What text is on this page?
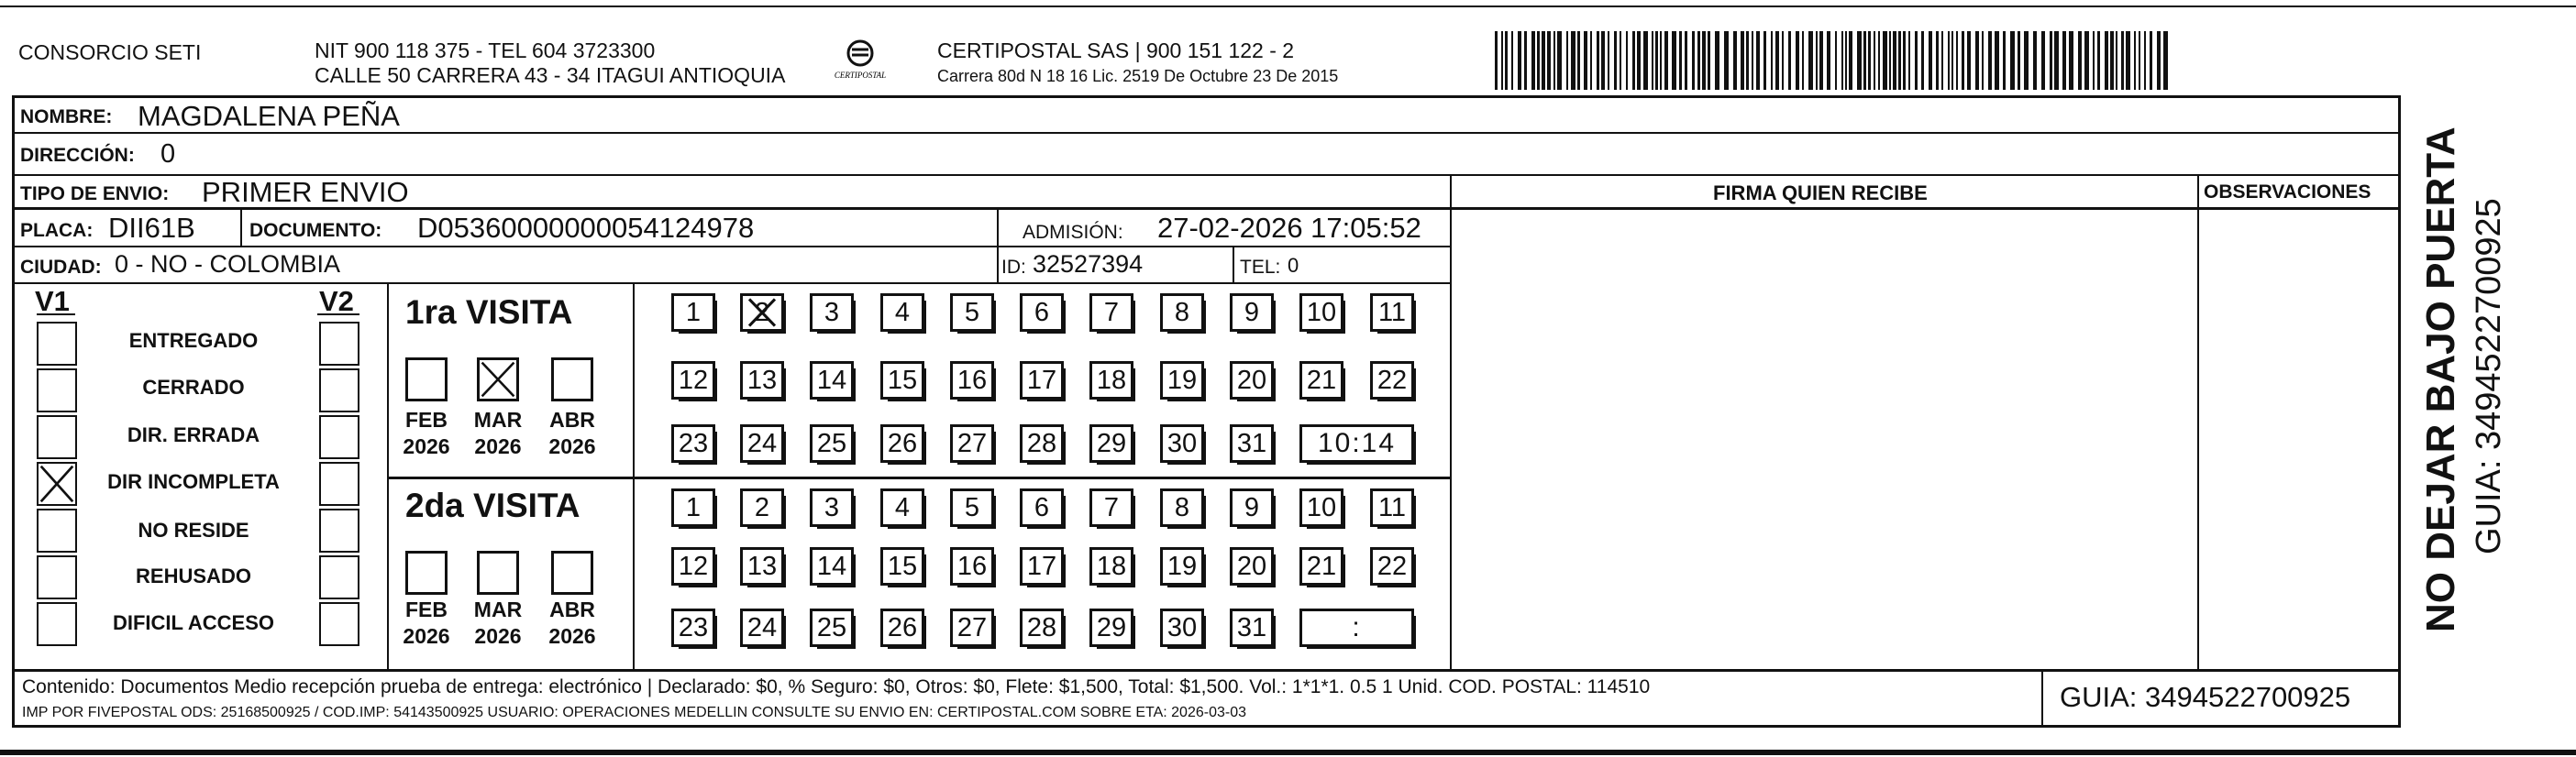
CONSORCIO SETI	NIT 900 118 375 - TEL 604 3723300
CALLE 50 CARRERA 43 - 34 ITAGUI ANTIOQUIA	CERTIPOSTAL
CERTIPOSTAL SAS | 900 151 122 - 2
Carrera 80d N 18 16 Lic. 2519 De Octubre 23 De 2015
NOMBRE: MAGDALENA PEÑA
DIRECCIÓN: 0
TIPO DE ENVIO: PRIMER ENVIO
PLACA: DII61B	DOCUMENTO: D05360000000054124978	ADMISIÓN: 27-02-2026 17:05:52
CIUDAD: 0 - NO - COLOMBIA	ID: 32527394	TEL: 0
FIRMA QUIEN RECIBE	OBSERVACIONES
V1	V2
ENTREGADO
CERRADO
DIR. ERRADA
DIR INCOMPLETA
NO RESIDE
REHUSADO
DIFICIL ACCESO
1ra VISITA
2da VISITA
FEB
2026
MAR
2026
ABR
2026
FEB
2026
MAR
2026
ABR
2026
1 2 3 4 5 6 7 8 9 10 11
12 13 14 15 16 17 18 19 20 21 22
23 24 25 26 27 28 29 30 31 10:14
1 2 3 4 5 6 7 8 9 10 11
12 13 14 15 16 17 18 19 20 21 22
23 24 25 26 27 28 29 30 31	:
Contenido: Documentos Medio recepción prueba de entrega: electrónico | Declarado: $0, % Seguro: $0, Otros: $0, Flete: $1,500, Total: $1,500. Vol.: 1*1*1. 0.5 1 Unid. COD. POSTAL: 114510
IMP POR FIVEPOSTAL ODS: 25168500925 / COD.IMP: 54143500925 USUARIO: OPERACIONES MEDELLIN CONSULTE SU ENVIO EN: CERTIPOSTAL.COM SOBRE ETA: 2026-03-03	GUIA: 3494522700925
NO DEJAR BAJO PUERTA GUIA: 3494522700925
